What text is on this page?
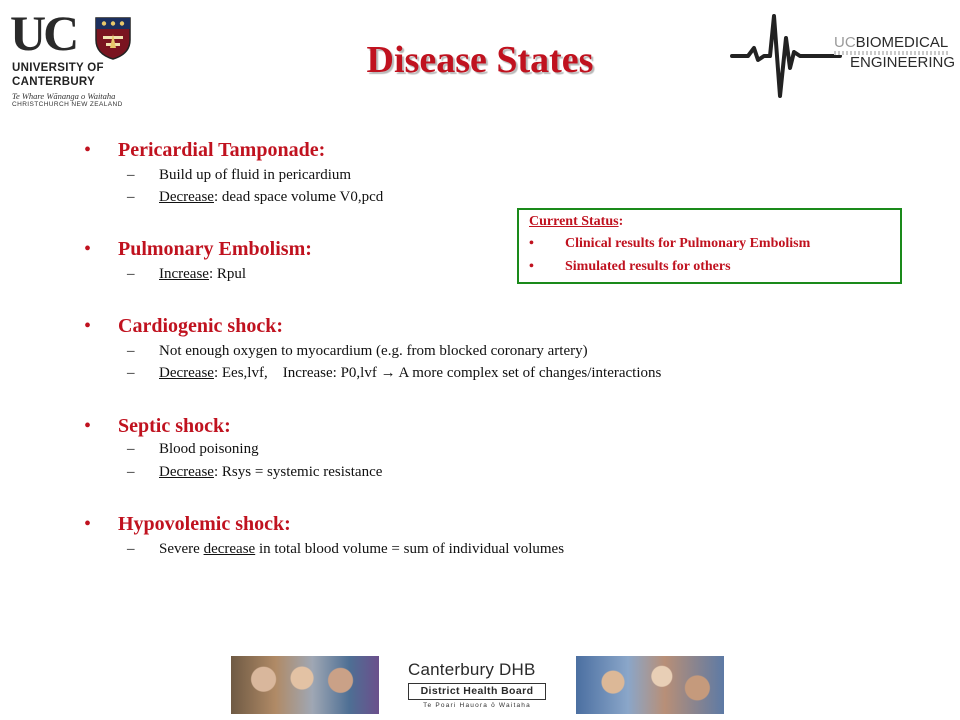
UC
UNIVERSITY OF
CANTERBURY
Te Whare Wānanga o Waitaha
CHRISTCHURCH NEW ZEALAND
Disease States	UCBIOMEDICAL
ENGINEERING
• Pericardial Tamponade:
– Build up of fluid in pericardium
– Decrease: dead space volume V0,pcd
• Pulmonary Embolism:
– Increase: Rpul
• Cardiogenic shock:
– Not enough oxygen to myocardium (e.g. from blocked coronary artery)
– Decrease: Ees,lvf,    Increase: P0,lvf → A more complex set of changes/interactions
• Septic shock:
– Blood poisoning
– Decrease: Rsys = systemic resistance
• Hypovolemic shock:
– Severe decrease in total blood volume = sum of individual volumes
Current Status:
• Clinical results for Pulmonary Embolism
• Simulated results for others
Canterbury DHB
District Health Board
Te Poari Hauora ō Waitaha
